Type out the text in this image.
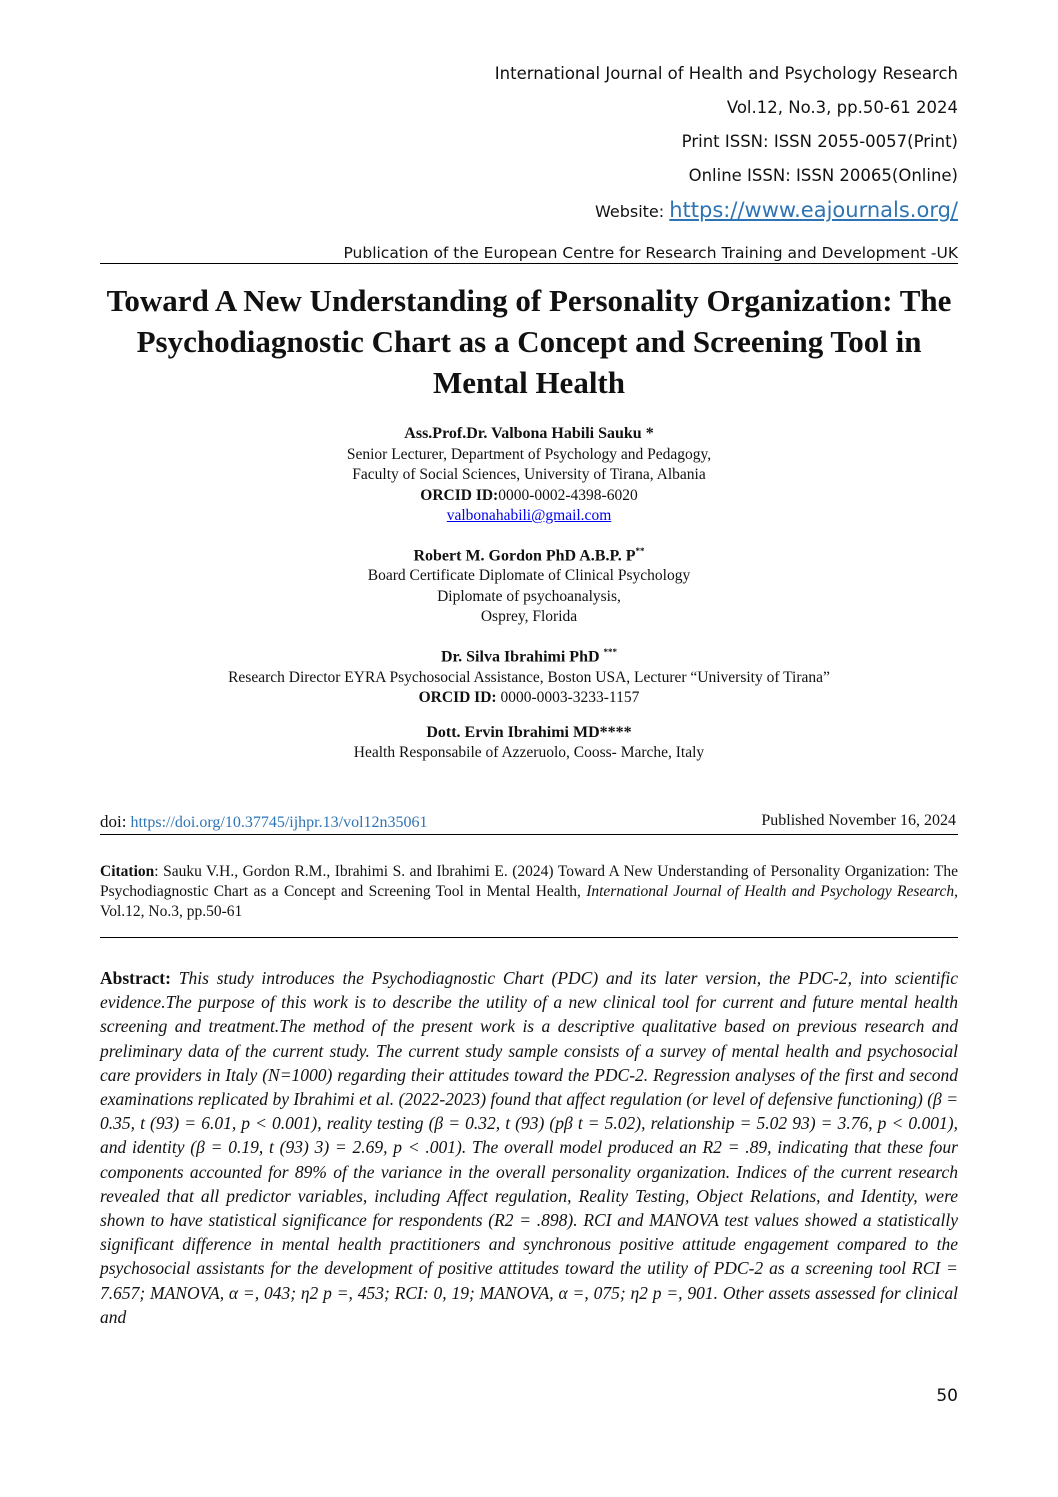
International Journal of Health and Psychology Research
Vol.12, No.3, pp.50-61 2024
Print ISSN: ISSN 2055-0057(Print)
Online ISSN: ISSN 20065(Online)
Website: https://www.eajournals.org/
Publication of the European Centre for Research Training and Development -UK
Toward A New Understanding of Personality Organization: The Psychodiagnostic Chart as a Concept and Screening Tool in Mental Health
Ass.Prof.Dr. Valbona Habili Sauku *
Senior Lecturer, Department of Psychology and Pedagogy,
Faculty of Social Sciences, University of Tirana, Albania
ORCID ID:0000-0002-4398-6020
valbonahabili@gmail.com
Robert M. Gordon PhD A.B.P. P**
Board Certificate Diplomate of Clinical Psychology
Diplomate of psychoanalysis,
Osprey, Florida
Dr. Silva Ibrahimi PhD ***
Research Director EYRA Psychosocial Assistance, Boston USA, Lecturer “University of Tirana”
ORCID ID: 0000-0003-3233-1157
Dott. Ervin Ibrahimi MD****
Health Responsabile of Azzeruolo, Cooss- Marche, Italy
doi: https://doi.org/10.37745/ijhpr.13/vol12n35061	Published November 16, 2024
Citation: Sauku V.H., Gordon R.M., Ibrahimi S. and Ibrahimi E. (2024) Toward A New Understanding of Personality Organization: The Psychodiagnostic Chart as a Concept and Screening Tool in Mental Health, International Journal of Health and Psychology Research, Vol.12, No.3, pp.50-61
Abstract: This study introduces the Psychodiagnostic Chart (PDC) and its later version, the PDC-2, into scientific evidence.The purpose of this work is to describe the utility of a new clinical tool for current and future mental health screening and treatment.The method of the present work is a descriptive qualitative based on previous research and preliminary data of the current study. The current study sample consists of a survey of mental health and psychosocial care providers in Italy (N=1000) regarding their attitudes toward the PDC-2. Regression analyses of the first and second examinations replicated by Ibrahimi et al. (2022-2023) found that affect regulation (or level of defensive functioning) (β = 0.35, t (93) = 6.01, p < 0.001), reality testing (β = 0.32, t (93) (pβ t = 5.02), relationship = 5.02 93) = 3.76, p < 0.001), and identity (β = 0.19, t (93) 3) = 2.69, p < .001). The overall model produced an R2 = .89, indicating that these four components accounted for 89% of the variance in the overall personality organization. Indices of the current research revealed that all predictor variables, including Affect regulation, Reality Testing, Object Relations, and Identity, were shown to have statistical significance for respondents (R2 = .898). RCI and MANOVA test values showed a statistically significant difference in mental health practitioners and synchronous positive attitude engagement compared to the psychosocial assistants for the development of positive attitudes toward the utility of PDC-2 as a screening tool RCI = 7.657; MANOVA, α =, 043; η2 p =, 453; RCI: 0, 19; MANOVA, α =, 075; η2 p =, 901. Other assets assessed for clinical and
50
